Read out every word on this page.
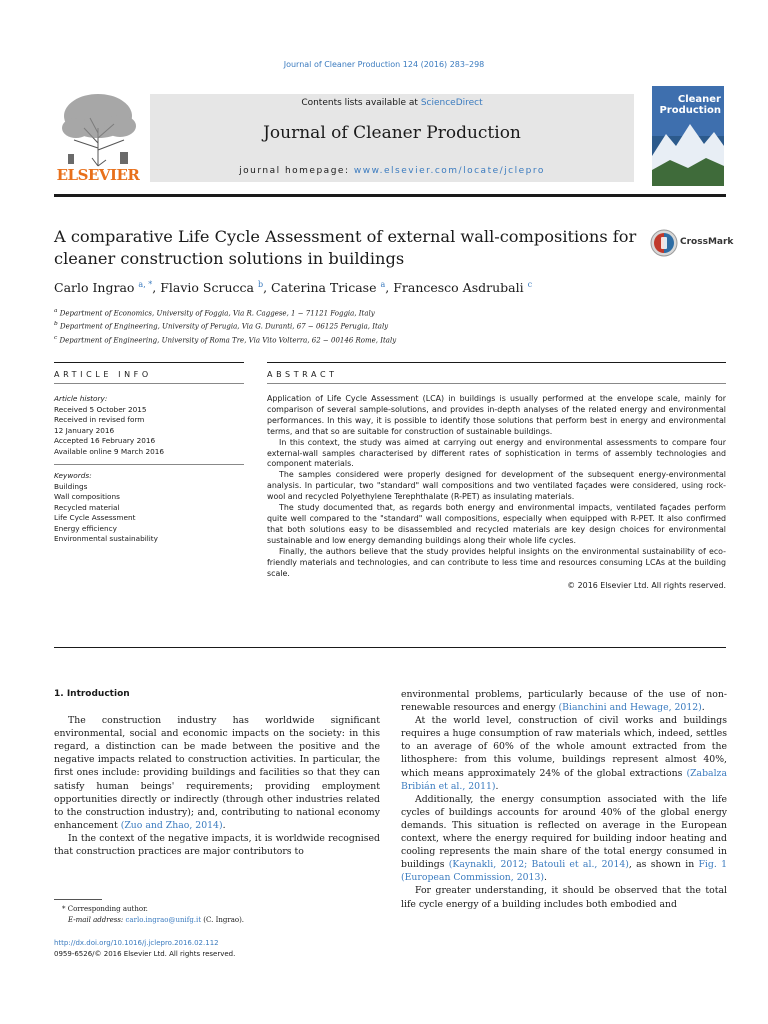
Journal of Cleaner Production 124 (2016) 283–298
ELSEVIER
Contents lists available at ScienceDirect
Journal of Cleaner Production
journal homepage: www.elsevier.com/locate/jclepro
Cleaner
Production
A comparative Life Cycle Assessment of external wall-compositions for cleaner construction solutions in buildings
CrossMark
Carlo Ingrao $^{a, *}$, Flavio Scrucca $^b$, Caterina Tricase $^a$, Francesco Asdrubali $^c$
$^a$ Department of Economics, University of Foggia, Via R. Caggese, 1 − 71121 Foggia, Italy
$^b$ Department of Engineering, University of Perugia, Via G. Duranti, 67 − 06125 Perugia, Italy
$^c$ Department of Engineering, University of Roma Tre, Via Vito Volterra, 62 − 00146 Rome, Italy
ARTICLE INFO	ABSTRACT
Article history:
Received 5 October 2015
Received in revised form
12 January 2016
Accepted 16 February 2016
Available online 9 March 2016
Keywords:
Buildings
Wall compositions
Recycled material
Life Cycle Assessment
Energy efficiency
Environmental sustainability

Application of Life Cycle Assessment (LCA) in buildings is usually performed at the envelope scale, mainly for comparison of several sample-solutions, and provides in-depth analyses of the related energy and environmental performances. In this way, it is possible to identify those solutions that perform best in energy and environmental terms, and that so are suitable for construction of sustainable buildings.

In this context, the study was aimed at carrying out energy and environmental assessments to compare four external-wall samples characterised by different rates of sophistication in terms of assembly technologies and component materials.

The samples considered were properly designed for development of the subsequent energy-environmental analysis. In particular, two "standard" wall compositions and two ventilated façades were considered, using rock-wool and recycled Polyethylene Terephthalate (R-PET) as insulating materials.

The study documented that, as regards both energy and environmental impacts, ventilated façades perform quite well compared to the "standard" wall compositions, especially when equipped with R-PET. It also confirmed that both solutions easy to be disassembled and recycled materials are key design choices for environmental sustainable and low energy demanding buildings along their whole life cycles.

Finally, the authors believe that the study provides helpful insights on the environmental sustainability of eco-friendly materials and technologies, and can contribute to less time and resources consuming LCAs at the building scale.

© 2016 Elsevier Ltd. All rights reserved.
1. Introduction

The construction industry has worldwide significant environmental, social and economic impacts on the society: in this regard, a distinction can be made between the positive and the negative impacts related to construction activities. In particular, the first ones include: providing buildings and facilities so that they can satisfy human beings' requirements; providing employment opportunities directly or indirectly (through other industries related to the construction industry); and, contributing to national economy enhancement (Zuo and Zhao, 2014).

In the context of the negative impacts, it is worldwide recognised that construction practices are major contributors to

environmental problems, particularly because of the use of non-renewable resources and energy (Bianchini and Hewage, 2012).

At the world level, construction of civil works and buildings requires a huge consumption of raw materials which, indeed, settles to an average of 60% of the whole amount extracted from the lithosphere: from this volume, buildings represent almost 40%, which means approximately 24% of the global extractions (Zabalza Bribián et al., 2011).

Additionally, the energy consumption associated with the life cycles of buildings accounts for around 40% of the global energy demands. This situation is reflected on average in the European context, where the energy required for building indoor heating and cooling represents the main share of the total energy consumed in buildings (Kaynakli, 2012; Batouli et al., 2014), as shown in Fig. 1 (European Commission, 2013).

For greater understanding, it should be observed that the total life cycle energy of a building includes both embodied and

* Corresponding author.
E-mail address: carlo.ingrao@unifg.it (C. Ingrao).
http://dx.doi.org/10.1016/j.jclepro.2016.02.112
0959-6526/© 2016 Elsevier Ltd. All rights reserved.
